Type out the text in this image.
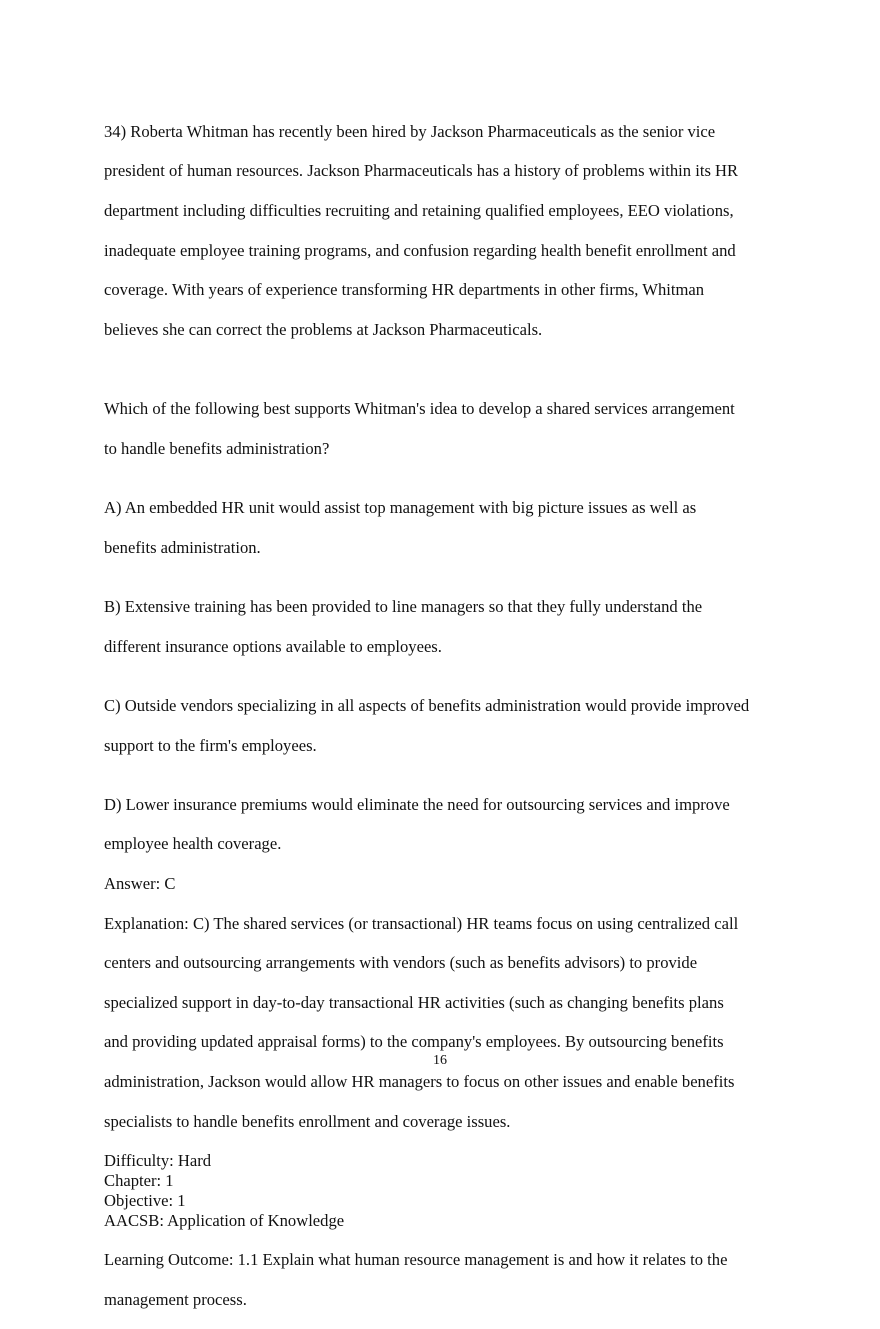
34) Roberta Whitman has recently been hired by Jackson Pharmaceuticals as the senior vice

president of human resources. Jackson Pharmaceuticals has a history of problems within its HR

department including difficulties recruiting and retaining qualified employees, EEO violations,

inadequate employee training programs, and confusion regarding health benefit enrollment and

coverage. With years of experience transforming HR departments in other firms, Whitman

believes she can correct the problems at Jackson Pharmaceuticals.

Which of the following best supports Whitman's idea to develop a shared services arrangement

to handle benefits administration?

A) An embedded HR unit would assist top management with big picture issues as well as

benefits administration.

B) Extensive training has been provided to line managers so that they fully understand the

different insurance options available to employees.

C) Outside vendors specializing in all aspects of benefits administration would provide improved

support to the firm's employees.

D) Lower insurance premiums would eliminate the need for outsourcing services and improve

employee health coverage.

Answer: C

Explanation: C) The shared services (or transactional) HR teams focus on using centralized call

centers and outsourcing arrangements with vendors (such as benefits advisors) to provide

specialized support in day-to-day transactional HR activities (such as changing benefits plans

and providing updated appraisal forms) to the company's employees. By outsourcing benefits

administration, Jackson would allow HR managers to focus on other issues and enable benefits

specialists to handle benefits enrollment and coverage issues.

Difficulty: Hard
Chapter: 1
Objective: 1
AACSB: Application of Knowledge

Learning Outcome: 1.1 Explain what human resource management is and how it relates to the

management process.

16
